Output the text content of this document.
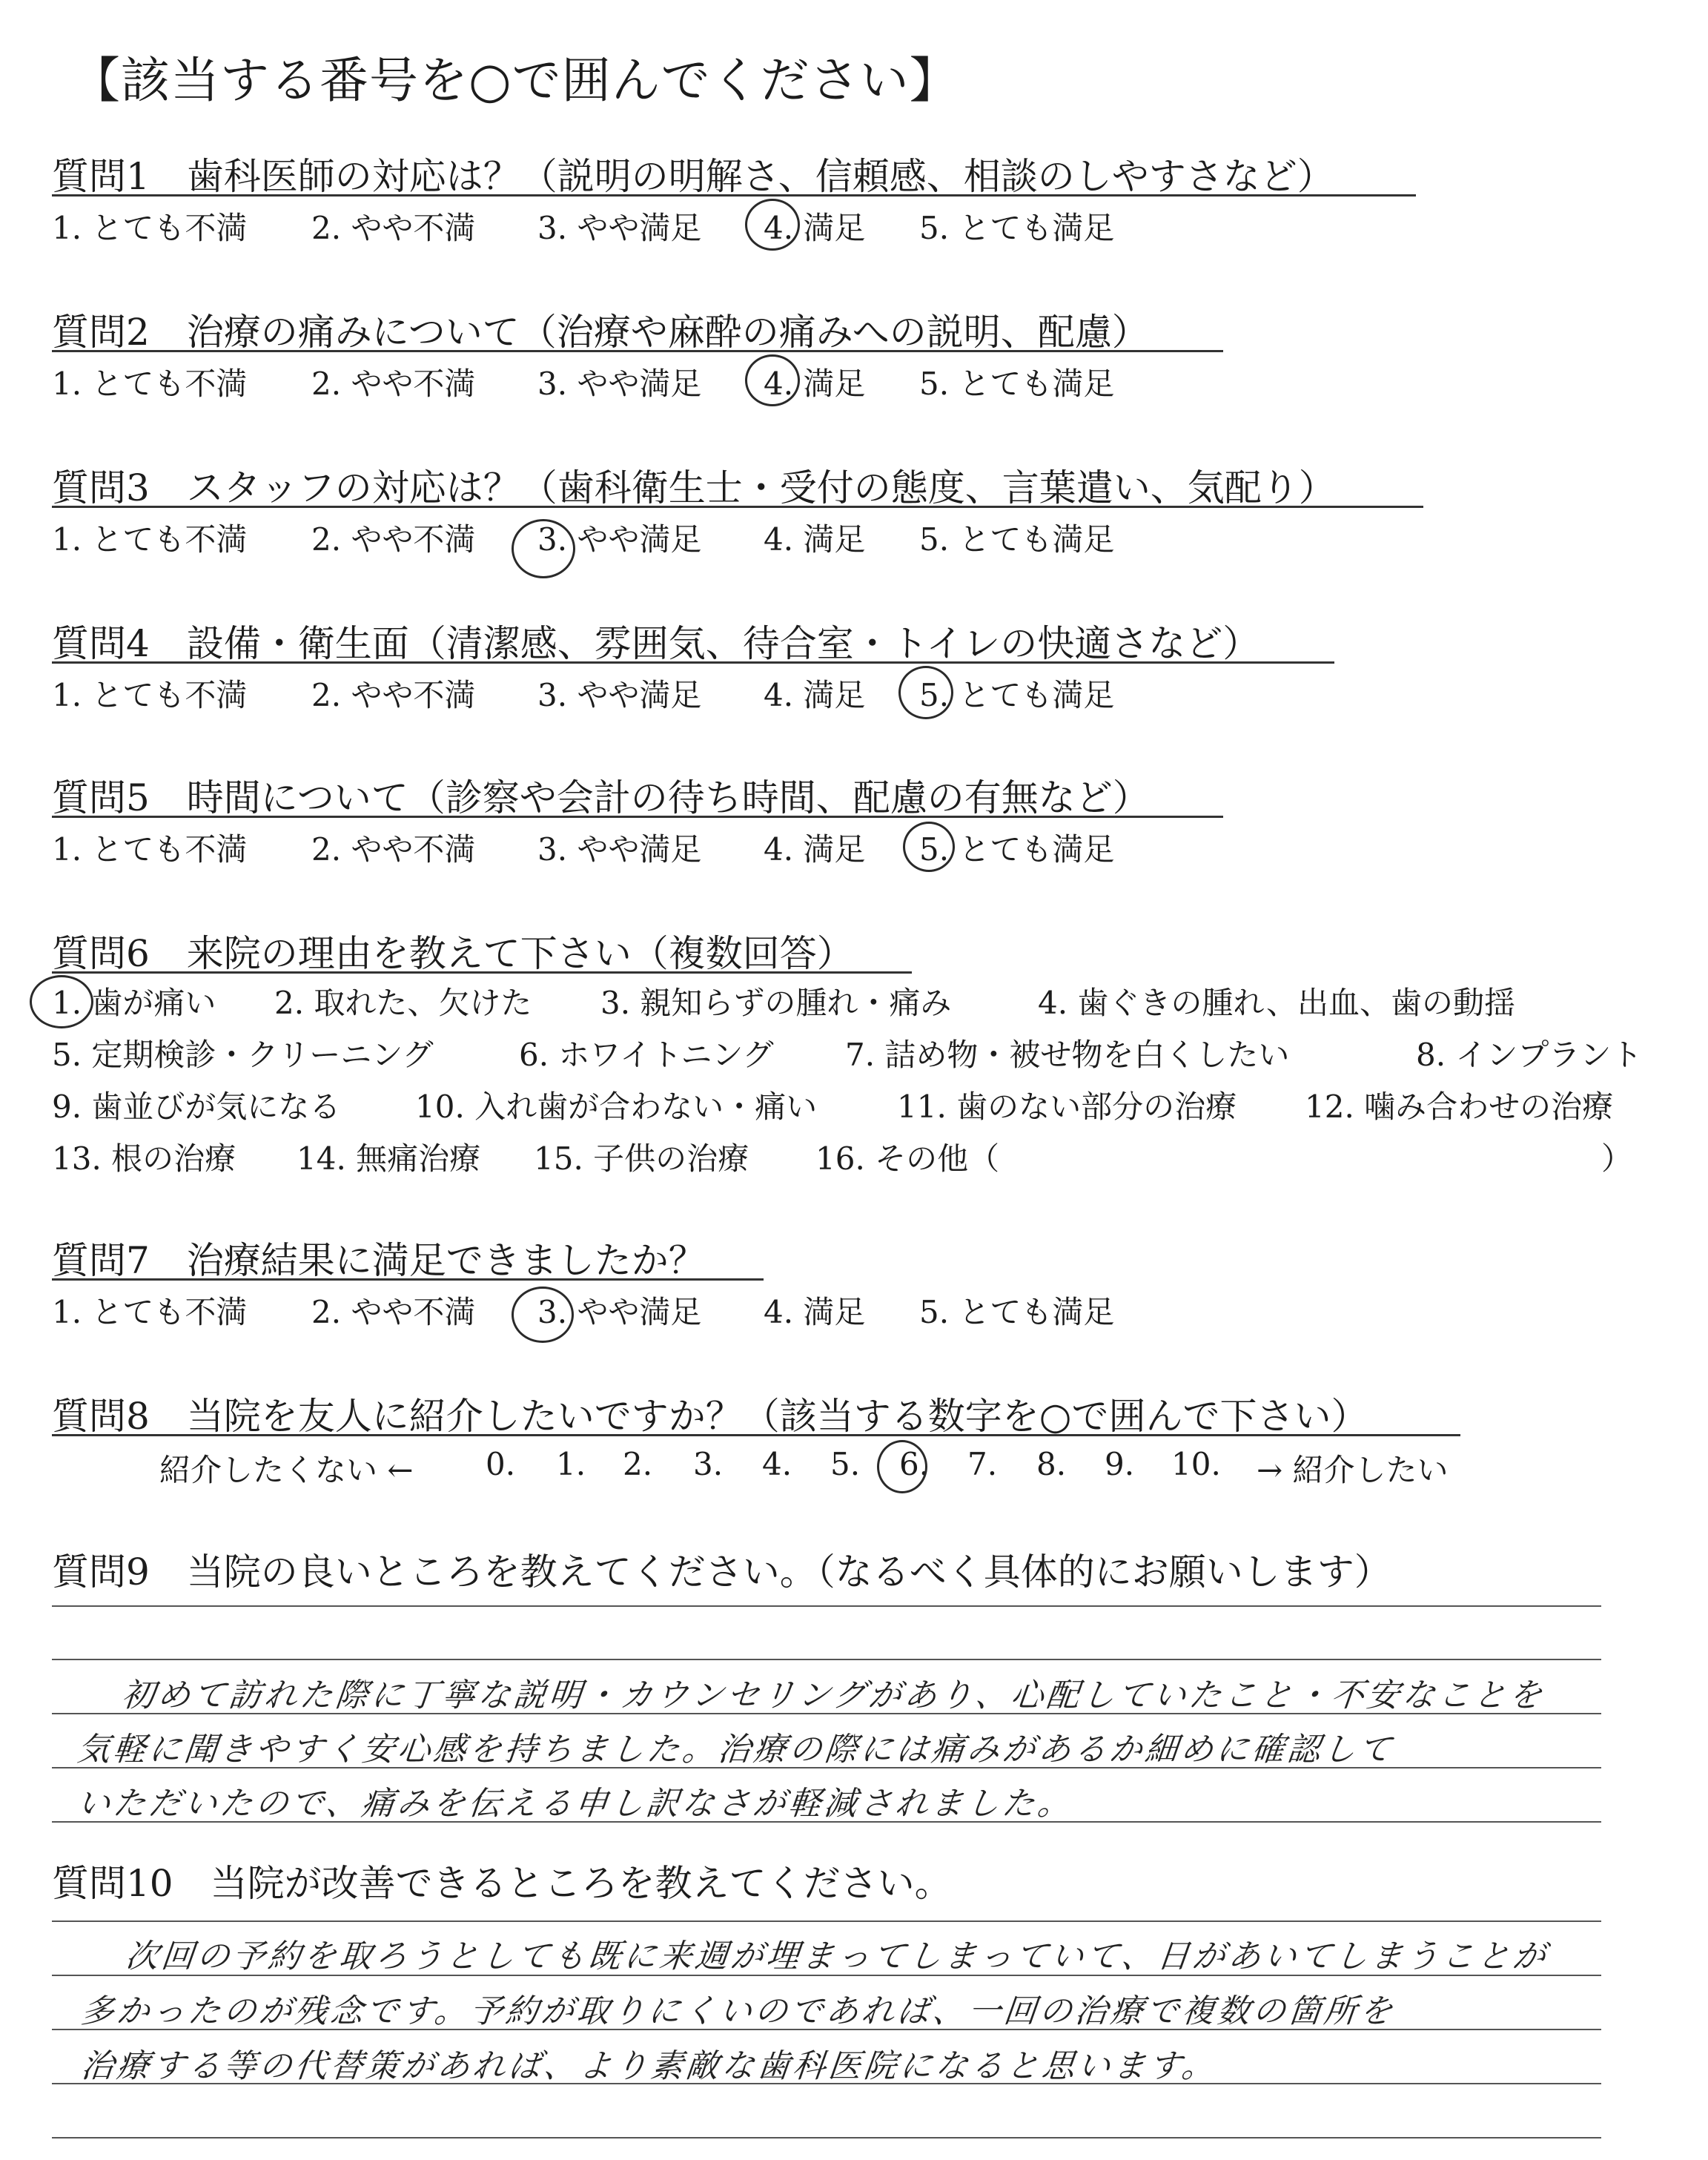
【該当する番号を○で囲んでください】
質問1　歯科医師の対応は？（説明の明解さ、信頼感、相談のしやすさなど）
1. とても不満 2. やや不満 3. やや満足 4. 満足 5. とても満足
質問2　治療の痛みについて（治療や麻酔の痛みへの説明、配慮）
1. とても不満 2. やや不満 3. やや満足 4. 満足 5. とても満足
質問3　スタッフの対応は？（歯科衛生士・受付の態度、言葉遣い、気配り）
1. とても不満 2. やや不満 3. やや満足 4. 満足 5. とても満足
質問4　設備・衛生面（清潔感、雰囲気、待合室・トイレの快適さなど）
1. とても不満 2. やや不満 3. やや満足 4. 満足 5. とても満足
質問5　時間について（診察や会計の待ち時間、配慮の有無など）
1. とても不満 2. やや不満 3. やや満足 4. 満足 5. とても満足
質問6　来院の理由を教えて下さい（複数回答）
1. 歯が痛い 2. 取れた、欠けた 3. 親知らずの腫れ・痛み	4. 歯ぐきの腫れ、出血、歯の動揺
5. 定期検診・クリーニング	6. ホワイトニング 7. 詰め物・被せ物を白くしたい	8. インプラント
9. 歯並びが気になる 10. 入れ歯が合わない・痛い	11. 歯のない部分の治療 12. 噛み合わせの治療
13. 根の治療 14. 無痛治療 15. 子供の治療 16. その他（	）
質問7　治療結果に満足できましたか？
1. とても不満 2. やや不満 3. やや満足 4. 満足 5. とても満足
質問8　当院を友人に紹介したいですか？（該当する数字を○で囲んで下さい）
紹介したくない ← 0. 1. 2. 3. 4. 5. 6. 7. 8. 9. 10. → 紹介したい
質問9　当院の良いところを教えてください。（なるべく具体的にお願いします）
初めて訪れた際に丁寧な説明・カウンセリングがあり、心配していたこと・不安なことを
気軽に聞きやすく安心感を持ちました。治療の際には痛みがあるか細めに確認して
いただいたので、痛みを伝える申し訳なさが軽減されました。
質問10　当院が改善できるところを教えてください。
次回の予約を取ろうとしても既に来週が埋まってしまっていて、日があいてしまうことが
多かったのが残念です。予約が取りにくいのであれば、一回の治療で複数の箇所を
治療する等の代替策があれば、より素敵な歯科医院になると思います。
